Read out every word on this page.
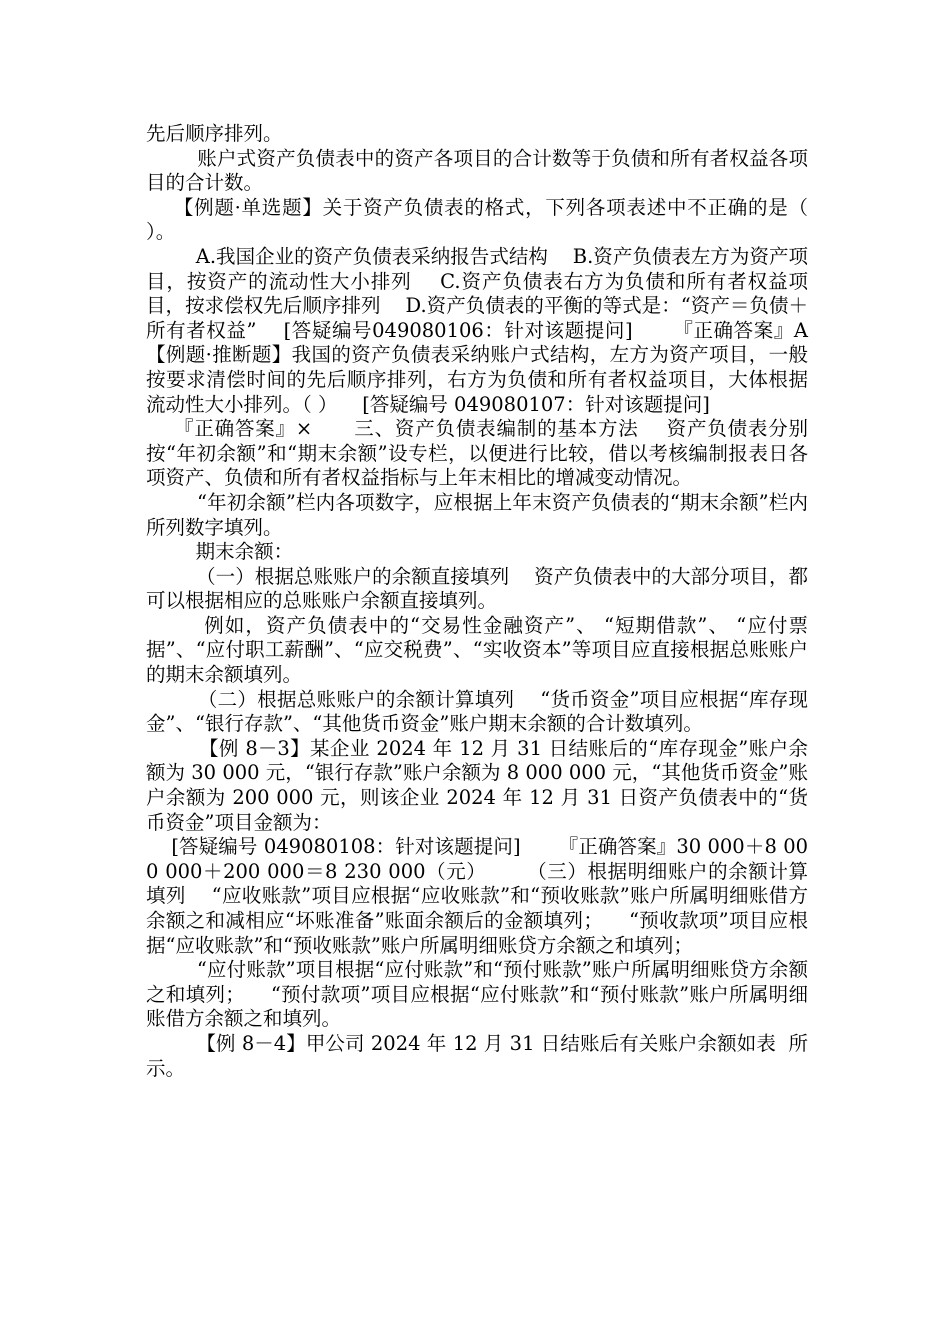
先后顺序排列。

账户式资产负债表中的资产各项目的合计数等于负债和所有者权益各项目的合计数。

【例题·单选题】关于资产负债表的格式，下列各项表述中不正确的是（ ）。

A.我国企业的资产负债表采纳报告式结构    B.资产负债表左方为资产项目，按资产的流动性大小排列    C.资产负债表右方为负债和所有者权益项目，按求偿权先后顺序排列    D.资产负债表的平衡的等式是：“资产＝负债＋所有者权益”    [答疑编号049080106：针对该题提问]      『正确答案』A      【例题·推断题】我国的资产负债表采纳账户式结构，左方为资产项目，一般按要求清偿时间的先后顺序排列，右方为负债和所有者权益项目，大体根据流动性大小排列。（ ）    [答疑编号 049080107：针对该题提问]

『正确答案』×      三、资产负债表编制的基本方法    资产负债表分别按“年初余额”和“期末余额”设专栏，以便进行比较，借以考核编制报表日各项资产、负债和所有者权益指标与上年末相比的增减变动情况。

“年初余额”栏内各项数字，应根据上年末资产负债表的“期末余额”栏内所列数字填列。

期末余额：

（一）根据总账账户的余额直接填列    资产负债表中的大部分项目，都可以根据相应的总账账户余额直接填列。

例如，资产负债表中的“交易性金融资产”、 “短期借款”、 “应付票据”、“应付职工薪酬”、“应交税费”、“实收资本”等项目应直接根据总账账户的期末余额填列。

（二）根据总账账户的余额计算填列    “货币资金”项目应根据“库存现金”、“银行存款”、“其他货币资金”账户期末余额的合计数填列。

【例 8－3】某企业 2024 年 12 月 31 日结账后的“库存现金”账户余额为 30 000 元，“银行存款”账户余额为 8 000 000 元，“其他货币资金”账户余额为 200 000 元，则该企业 2024 年 12 月 31 日资产负债表中的“货币资金”项目金额为：

[答疑编号 049080108：针对该题提问]      『正确答案』30 000＋8 000 000＋200 000＝8 230 000（元）      （三）根据明细账户的余额计算填列    “应收账款”项目应根据“应收账款”和“预收账款”账户所属明细账借方余额之和减相应“坏账准备”账面余额后的金额填列；    “预收款项”项目应根据“应收账款”和“预收账款”账户所属明细账贷方余额之和填列；

“应付账款”项目根据“应付账款”和“预付账款”账户所属明细账贷方余额之和填列；    “预付款项”项目应根据“应付账款”和“预付账款”账户所属明细账借方余额之和填列。

【例 8－4】甲公司 2024 年 12 月 31 日结账后有关账户余额如表  所示。
